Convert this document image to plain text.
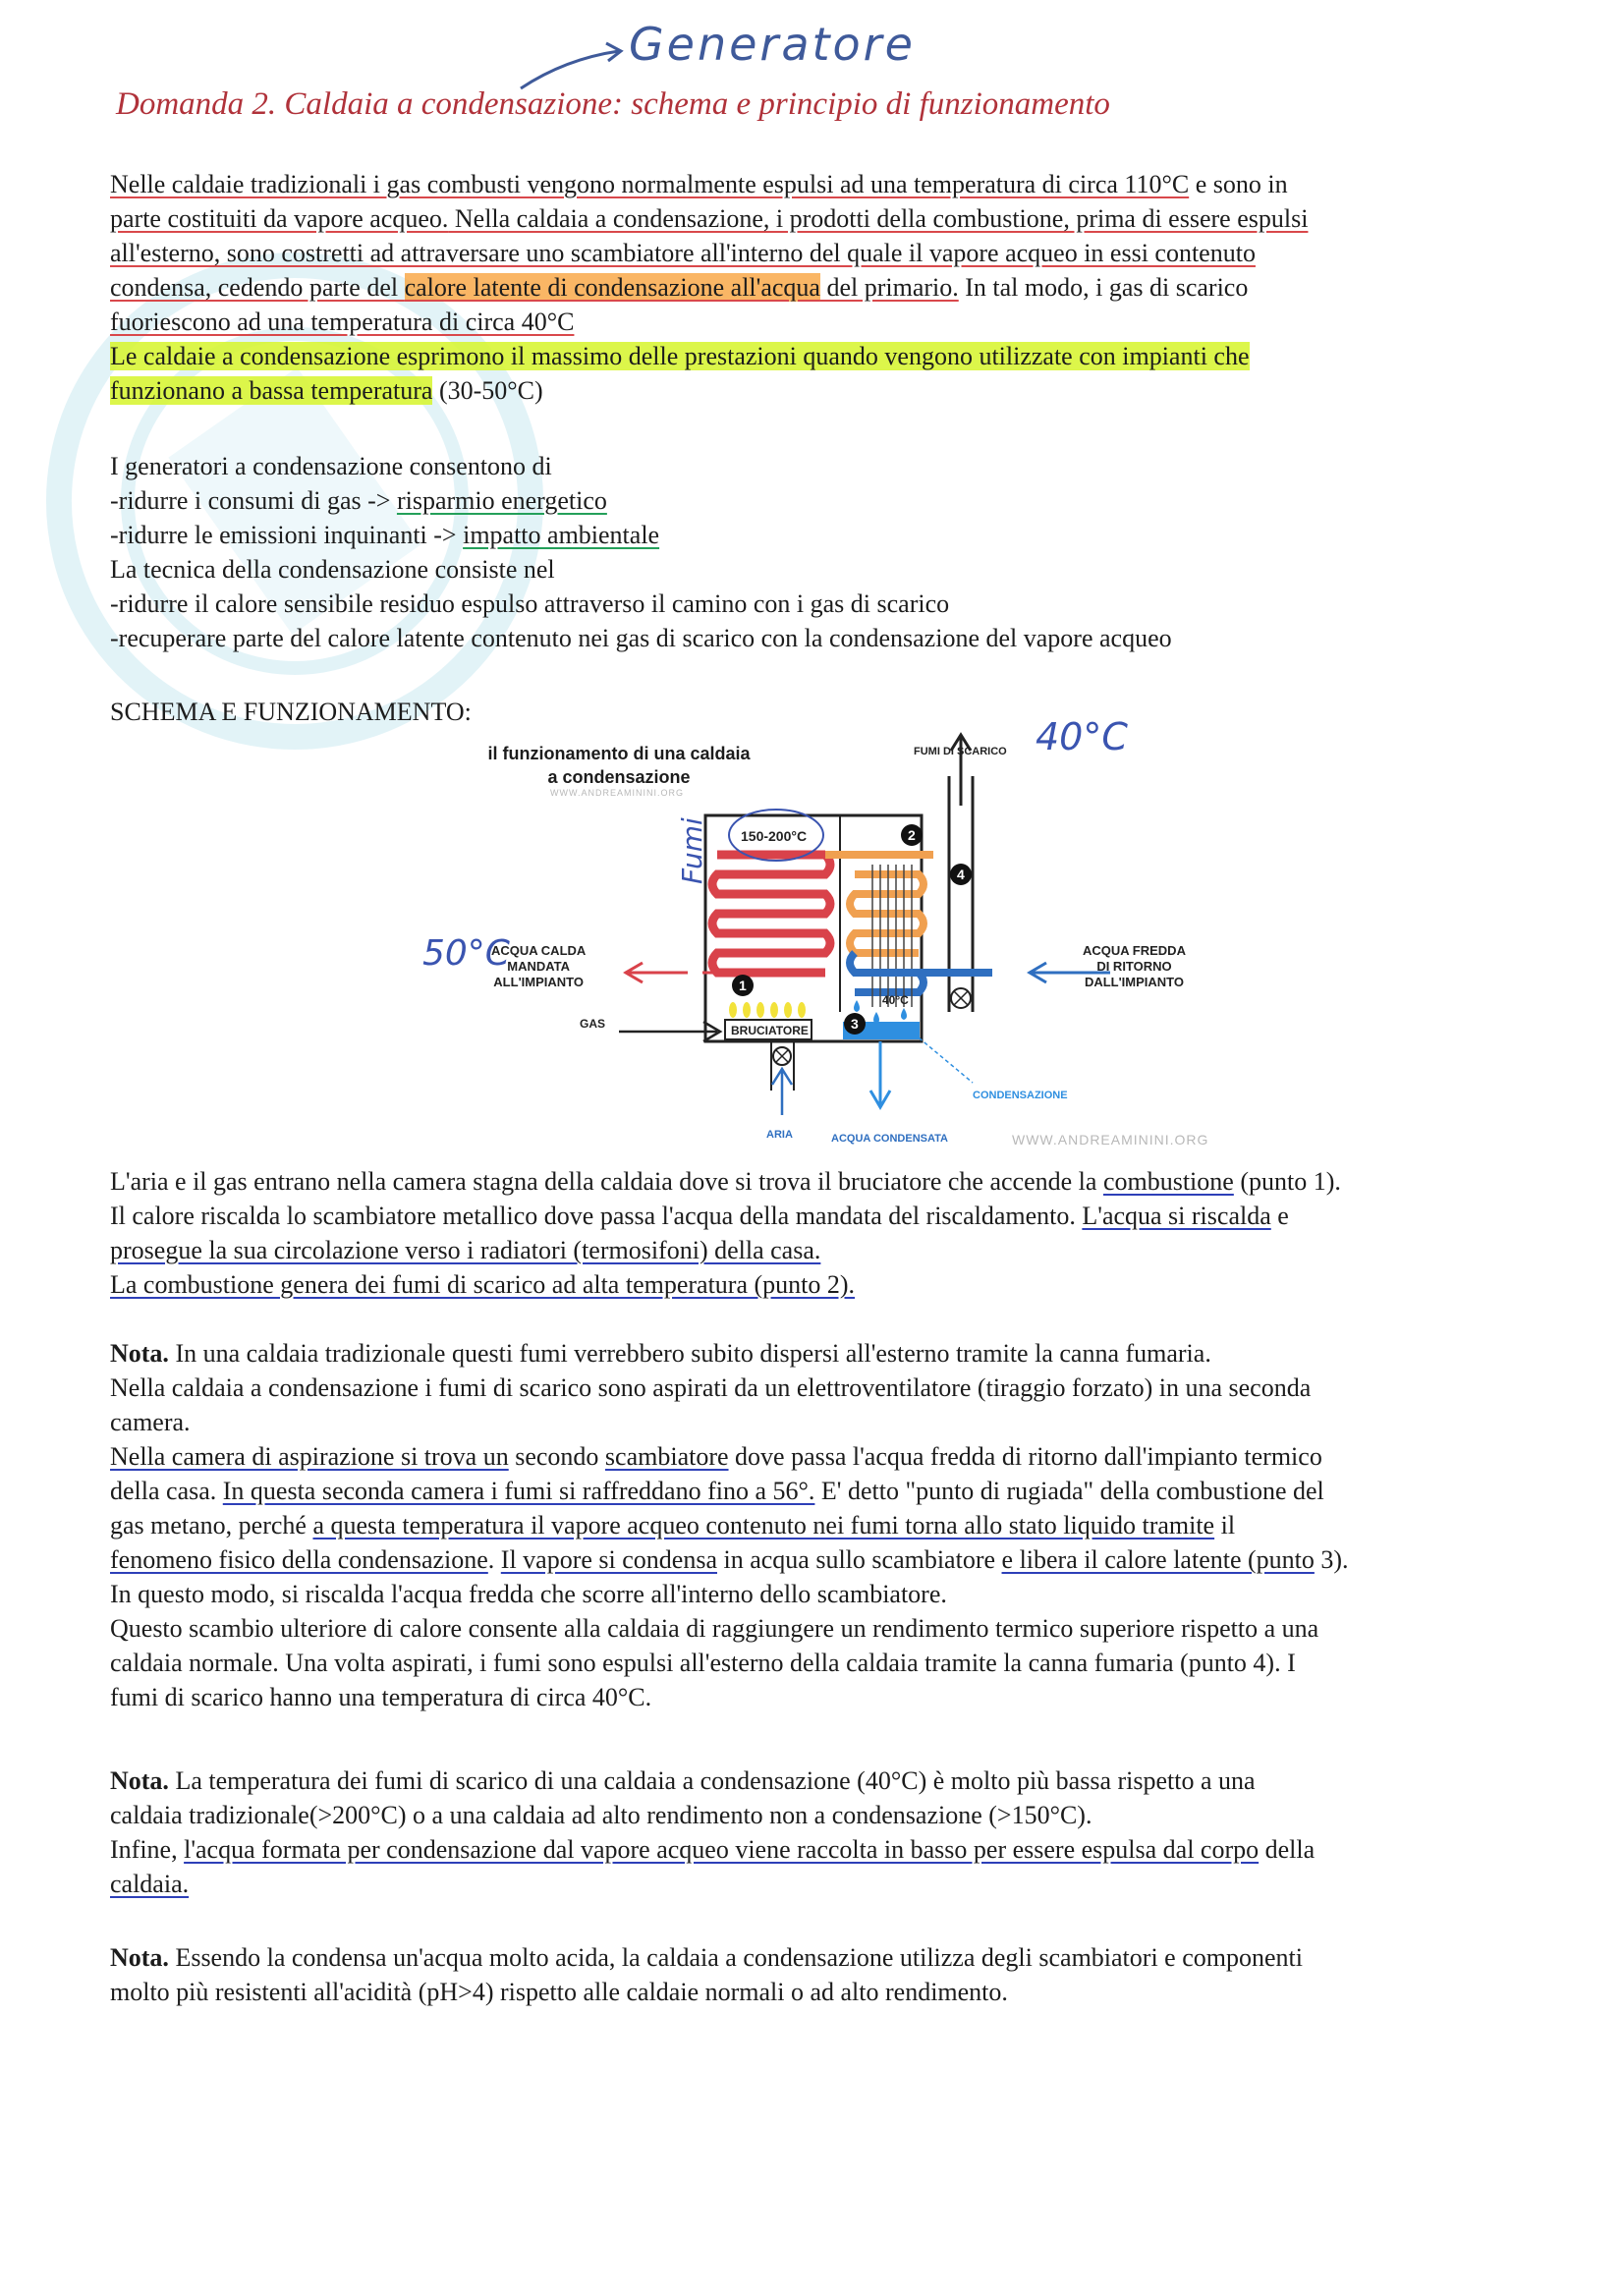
Generatore
Domanda 2. Caldaia a condensazione: schema e principio di funzionamento
Nelle caldaie tradizionali i gas combusti vengono normalmente espulsi ad una temperatura di circa 110°C e sono in
parte costituiti da vapore acqueo. Nella caldaia a condensazione, i prodotti della combustione, prima di essere espulsi
all'esterno, sono costretti ad attraversare uno scambiatore all'interno del quale il vapore acqueo in essi contenuto
condensa, cedendo parte del calore latente di condensazione all'acqua del primario. In tal modo, i gas di scarico
fuoriescono ad una temperatura di circa 40°C
Le caldaie a condensazione esprimono il massimo delle prestazioni quando vengono utilizzate con impianti che
funzionano a bassa temperatura (30-50°C)
I generatori a condensazione consentono di
-ridurre i consumi di gas -> risparmio energetico
-ridurre le emissioni inquinanti -> impatto ambientale
La tecnica della condensazione consiste nel
-ridurre il calore sensibile residuo espulso attraverso il camino con i gas di scarico
-recuperare parte del calore latente contenuto nei gas di scarico con la condensazione del vapore acqueo
SCHEMA E FUNZIONAMENTO:
il funzionamento di una caldaia
a condensazione
WWW.ANDREAMININI.ORG
WWW.ANDREAMININI.ORG
4
150-200°C	2
1
BRUCIATORE
GAS	3
40°C
CONDENSAZIONE
ARIA	ACQUA CONDENSATA
FUMI DI SCARICO
ACQUA CALDA
MANDATA
ALL'IMPIANTO
ACQUA FREDDA
DI RITORNO
DALL'IMPIANTO
40°C
50°C
Fumi
L'aria e il gas entrano nella camera stagna della caldaia dove si trova il bruciatore che accende la combustione (punto 1).
Il calore riscalda lo scambiatore metallico dove passa l'acqua della mandata del riscaldamento. L'acqua si riscalda e
prosegue la sua circolazione verso i radiatori (termosifoni) della casa.
La combustione genera dei fumi di scarico ad alta temperatura (punto 2).
Nota. In una caldaia tradizionale questi fumi verrebbero subito dispersi all'esterno tramite la canna fumaria.
Nella caldaia a condensazione i fumi di scarico sono aspirati da un elettroventilatore (tiraggio forzato) in una seconda
camera.
Nella camera di aspirazione si trova un secondo scambiatore dove passa l'acqua fredda di ritorno dall'impianto termico
della casa. In questa seconda camera i fumi si raffreddano fino a 56°. E' detto "punto di rugiada" della combustione del
gas metano, perché a questa temperatura il vapore acqueo contenuto nei fumi torna allo stato liquido tramite il
fenomeno fisico della condensazione. Il vapore si condensa in acqua sullo scambiatore e libera il calore latente (punto 3).
In questo modo, si riscalda l'acqua fredda che scorre all'interno dello scambiatore.
Questo scambio ulteriore di calore consente alla caldaia di raggiungere un rendimento termico superiore rispetto a una
caldaia normale. Una volta aspirati, i fumi sono espulsi all'esterno della caldaia tramite la canna fumaria (punto 4). I
fumi di scarico hanno una temperatura di circa 40°C.
Nota. La temperatura dei fumi di scarico di una caldaia a condensazione (40°C) è molto più bassa rispetto a una
caldaia tradizionale(>200°C) o a una caldaia ad alto rendimento non a condensazione (>150°C).
Infine, l'acqua formata per condensazione dal vapore acqueo viene raccolta in basso per essere espulsa dal corpo della
caldaia.
Nota. Essendo la condensa un'acqua molto acida, la caldaia a condensazione utilizza degli scambiatori e componenti
molto più resistenti all'acidità (pH>4) rispetto alle caldaie normali o ad alto rendimento.
